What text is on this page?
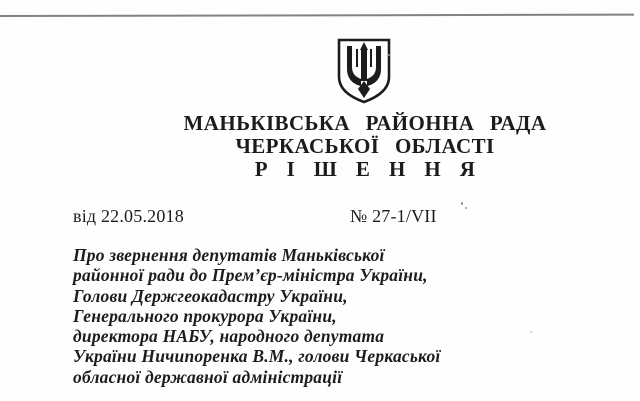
МАНЬКІВСЬКА РАЙОННА РАДА
ЧЕРКАСЬКОЇ ОБЛАСТІ
Р І Ш Е Н Н Я
від 22.05.2018	№ 27-1/VII
Про звернення депутатів Маньківської
районної ради до Прем’єр-міністра України,
Голови Держгеокадастру України,
Генерального прокурора України,
директора НАБУ, народного депутата
України Ничипоренка В.М., голови Черкаської
обласної державної адміністрації
